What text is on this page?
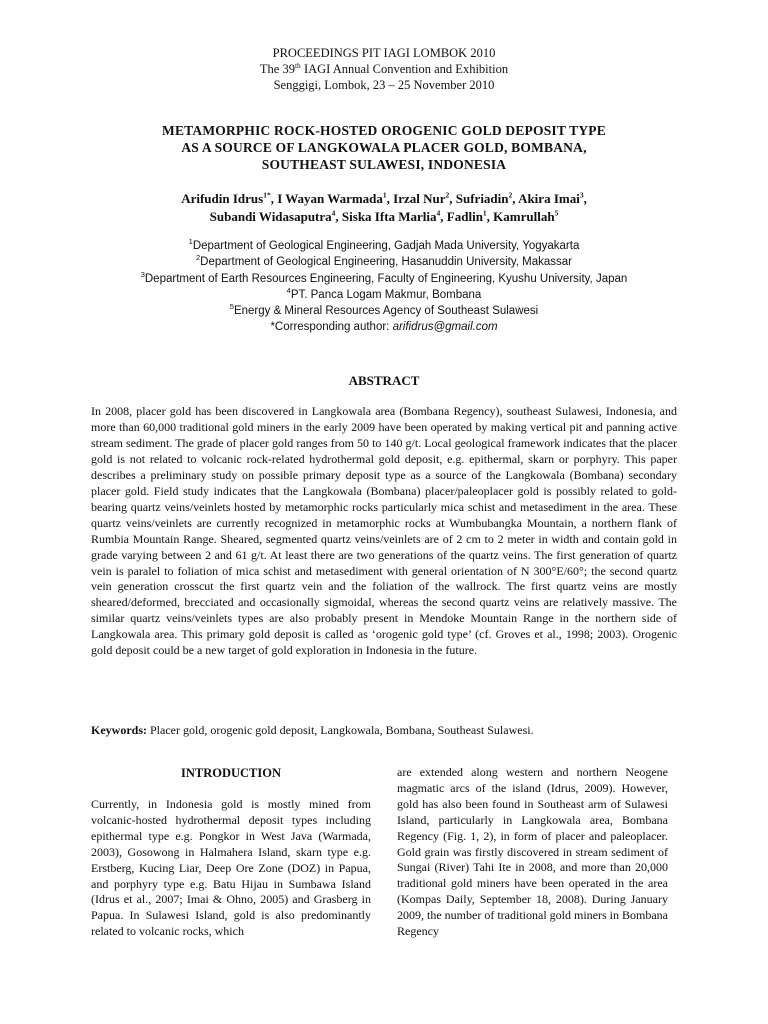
PROCEEDINGS PIT IAGI LOMBOK 2010
The 39th IAGI Annual Convention and Exhibition
Senggigi, Lombok, 23 – 25 November 2010
METAMORPHIC ROCK-HOSTED OROGENIC GOLD DEPOSIT TYPE
AS A SOURCE OF LANGKOWALA PLACER GOLD, BOMBANA,
SOUTHEAST SULAWESI, INDONESIA
Arifudin Idrus$^{1*}$, I Wayan Warmada$^1$, Irzal Nur$^2$, Sufriadin$^2$, Akira Imai$^3$,
Subandi Widasaputra$^4$, Siska Ifta Marlia$^4$, Fadlin$^1$, Kamrullah$^5$
$^1$Department of Geological Engineering, Gadjah Mada University, Yogyakarta
$^2$Department of Geological Engineering, Hasanuddin University, Makassar
$^3$Department of Earth Resources Engineering, Faculty of Engineering, Kyushu University, Japan
$^4$PT. Panca Logam Makmur, Bombana
$^5$Energy & Mineral Resources Agency of Southeast Sulawesi
*Corresponding author: arifidrus@gmail.com
ABSTRACT
In 2008, placer gold has been discovered in Langkowala area (Bombana Regency), southeast Sulawesi, Indonesia, and more than 60,000 traditional gold miners in the early 2009 have been operated by making vertical pit and panning active stream sediment. The grade of placer gold ranges from 50 to 140 g/t. Local geological framework indicates that the placer gold is not related to volcanic rock-related hydrothermal gold deposit, e.g. epithermal, skarn or porphyry. This paper describes a preliminary study on possible primary deposit type as a source of the Langkowala (Bombana) secondary placer gold. Field study indicates that the Langkowala (Bombana) placer/paleoplacer gold is possibly related to gold-bearing quartz veins/veinlets hosted by metamorphic rocks particularly mica schist and metasediment in the area. These quartz veins/veinlets are currently recognized in metamorphic rocks at Wumbubangka Mountain, a northern flank of Rumbia Mountain Range. Sheared, segmented quartz veins/veinlets are of 2 cm to 2 meter in width and contain gold in grade varying between 2 and 61 g/t. At least there are two generations of the quartz veins. The first generation of quartz vein is paralel to foliation of mica schist and metasediment with general orientation of N 300°E/60°; the second quartz vein generation crosscut the first quartz vein and the foliation of the wallrock. The first quartz veins are mostly sheared/deformed, brecciated and occasionally sigmoidal, whereas the second quartz veins are relatively massive. The similar quartz veins/veinlets types are also probably present in Mendoke Mountain Range in the northern side of Langkowala area. This primary gold deposit is called as ‘orogenic gold type’ (cf. Groves et al., 1998; 2003). Orogenic gold deposit could be a new target of gold exploration in Indonesia in the future.
Keywords: Placer gold, orogenic gold deposit, Langkowala, Bombana, Southeast Sulawesi.
INTRODUCTION
Currently, in Indonesia gold is mostly mined from volcanic-hosted hydrothermal deposit types including epithermal type e.g. Pongkor in West Java (Warmada, 2003), Gosowong in Halmahera Island, skarn type e.g. Erstberg, Kucing Liar, Deep Ore Zone (DOZ) in Papua, and porphyry type e.g. Batu Hijau in Sumbawa Island (Idrus et al., 2007; Imai & Ohno, 2005) and Grasberg in Papua. In Sulawesi Island, gold is also predominantly related to volcanic rocks, which
are extended along western and northern Neogene magmatic arcs of the island (Idrus, 2009). However, gold has also been found in Southeast arm of Sulawesi Island, particularly in Langkowala area, Bombana Regency (Fig. 1, 2), in form of placer and paleoplacer. Gold grain was firstly discovered in stream sediment of Sungai (River) Tahi Ite in 2008, and more than 20,000 traditional gold miners have been operated in the area (Kompas Daily, September 18, 2008). During January 2009, the number of traditional gold miners in Bombana Regency
